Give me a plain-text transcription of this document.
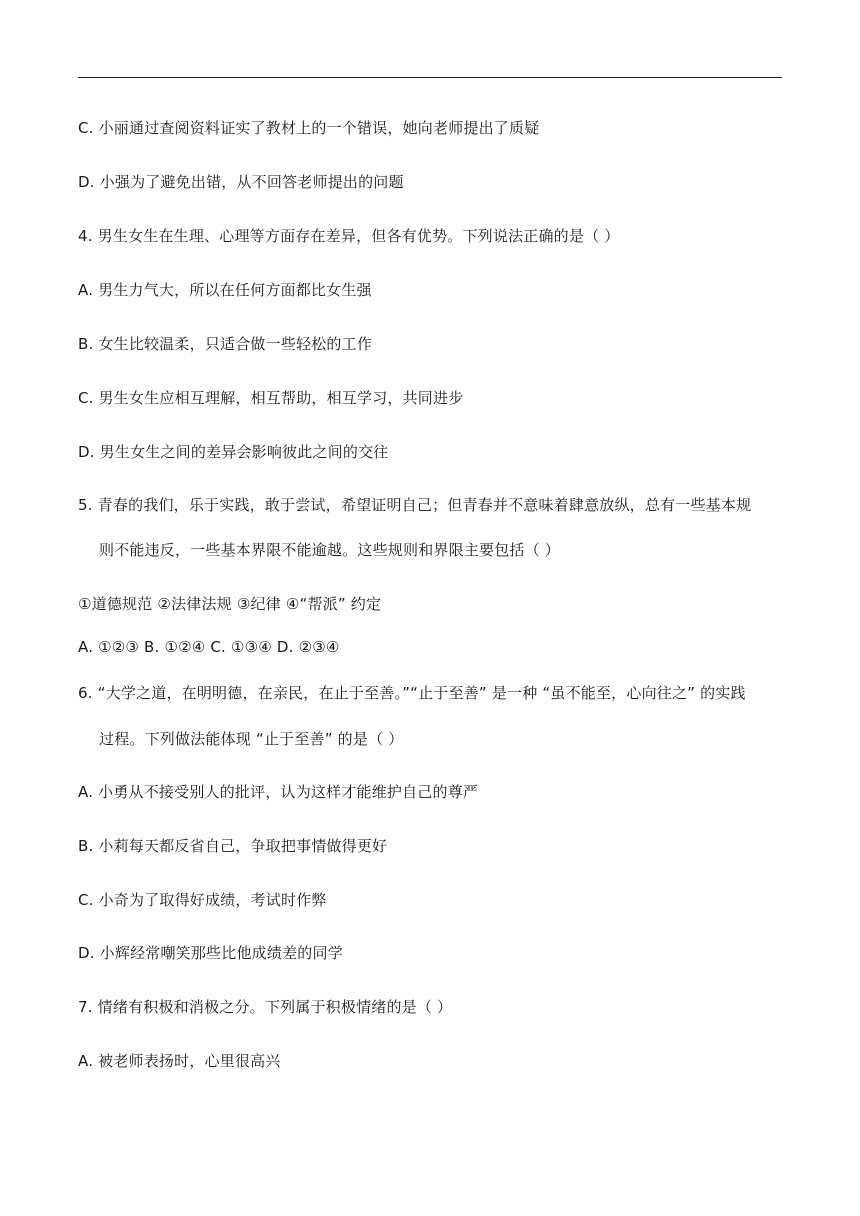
C. 小丽通过查阅资料证实了教材上的一个错误，她向老师提出了质疑
D. 小强为了避免出错，从不回答老师提出的问题
4. 男生女生在生理、心理等方面存在差异，但各有优势。下列说法正确的是（ ）
A. 男生力气大，所以在任何方面都比女生强
B. 女生比较温柔，只适合做一些轻松的工作
C. 男生女生应相互理解，相互帮助，相互学习，共同进步
D. 男生女生之间的差异会影响彼此之间的交往
5. 青春的我们，乐于实践，敢于尝试，希望证明自己；但青春并不意味着肆意放纵，总有一些基本规
则不能违反，一些基本界限不能逾越。这些规则和界限主要包括（ ）
①道德规范 ②法律法规 ③纪律 ④“帮派” 约定
A. ①②③ B. ①②④ C. ①③④ D. ②③④
6. “大学之道，在明明德，在亲民，在止于至善。”“止于至善” 是一种 “虽不能至，心向往之” 的实践
过程。下列做法能体现 “止于至善” 的是（ ）
A. 小勇从不接受别人的批评，认为这样才能维护自己的尊严
B. 小莉每天都反省自己，争取把事情做得更好
C. 小奇为了取得好成绩，考试时作弊
D. 小辉经常嘲笑那些比他成绩差的同学
7. 情绪有积极和消极之分。下列属于积极情绪的是（ ）
A. 被老师表扬时，心里很高兴
